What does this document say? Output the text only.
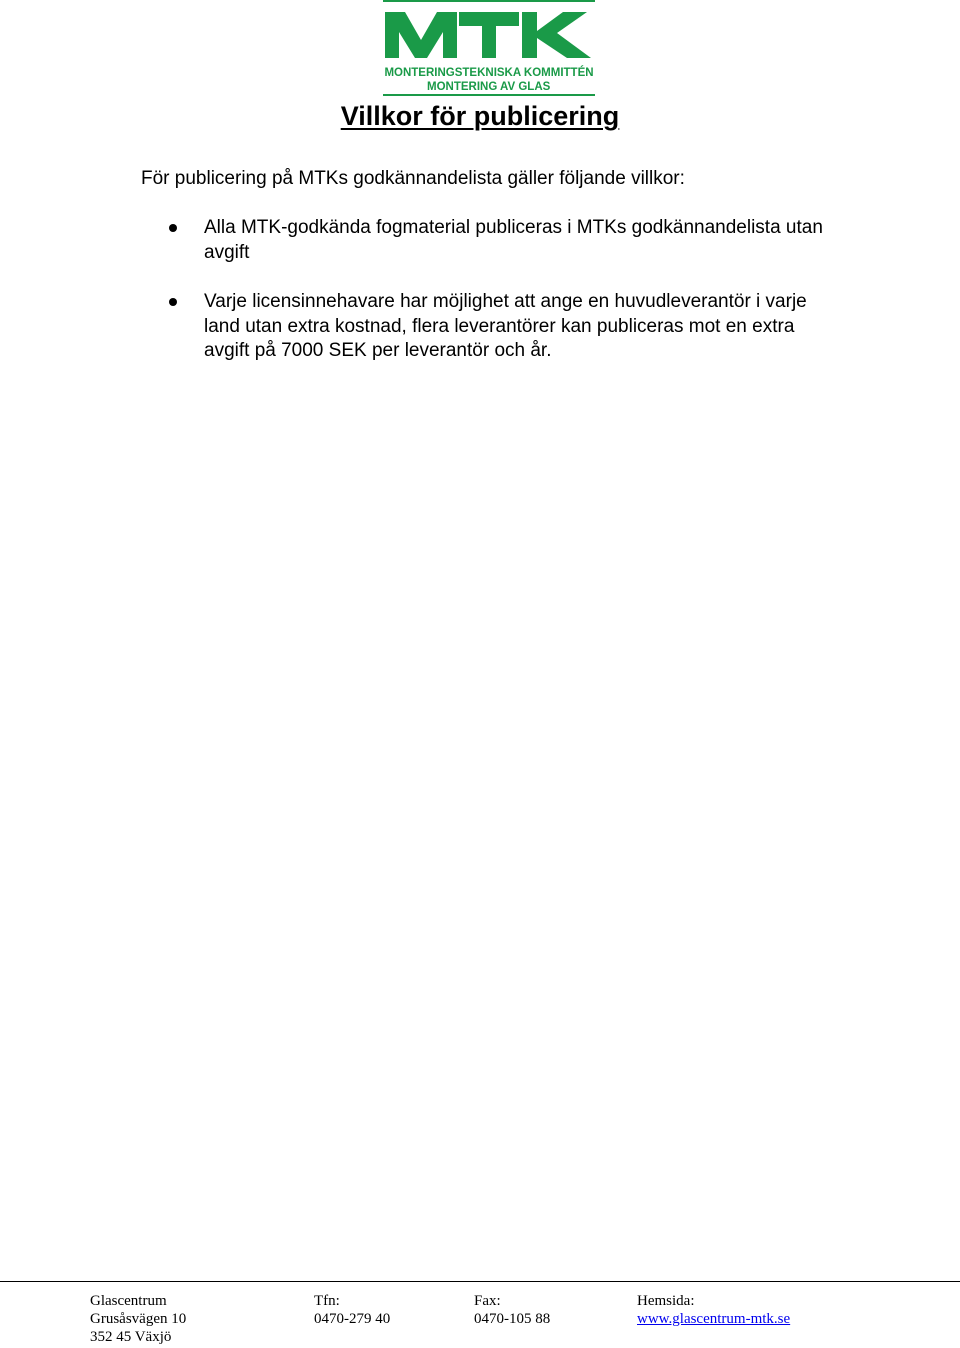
MONTERINGSTEKNISKA KOMMITTÉN
MONTERING AV GLAS
Villkor för publicering
För publicering på MTKs godkännandelista gäller följande villkor:
Alla MTK-godkända fogmaterial publiceras i MTKs godkännandelista utan avgift
Varje licensinnehavare har möjlighet att ange en huvudleverantör i varje land utan extra kostnad, flera leverantörer kan publiceras mot en extra avgift på 7000 SEK per leverantör och år.
Glascentrum
Grusåsvägen 10
352 45 Växjö
Tfn:
0470-279 40
Fax:
0470-105 88
Hemsida:
www.glascentrum-mtk.se
